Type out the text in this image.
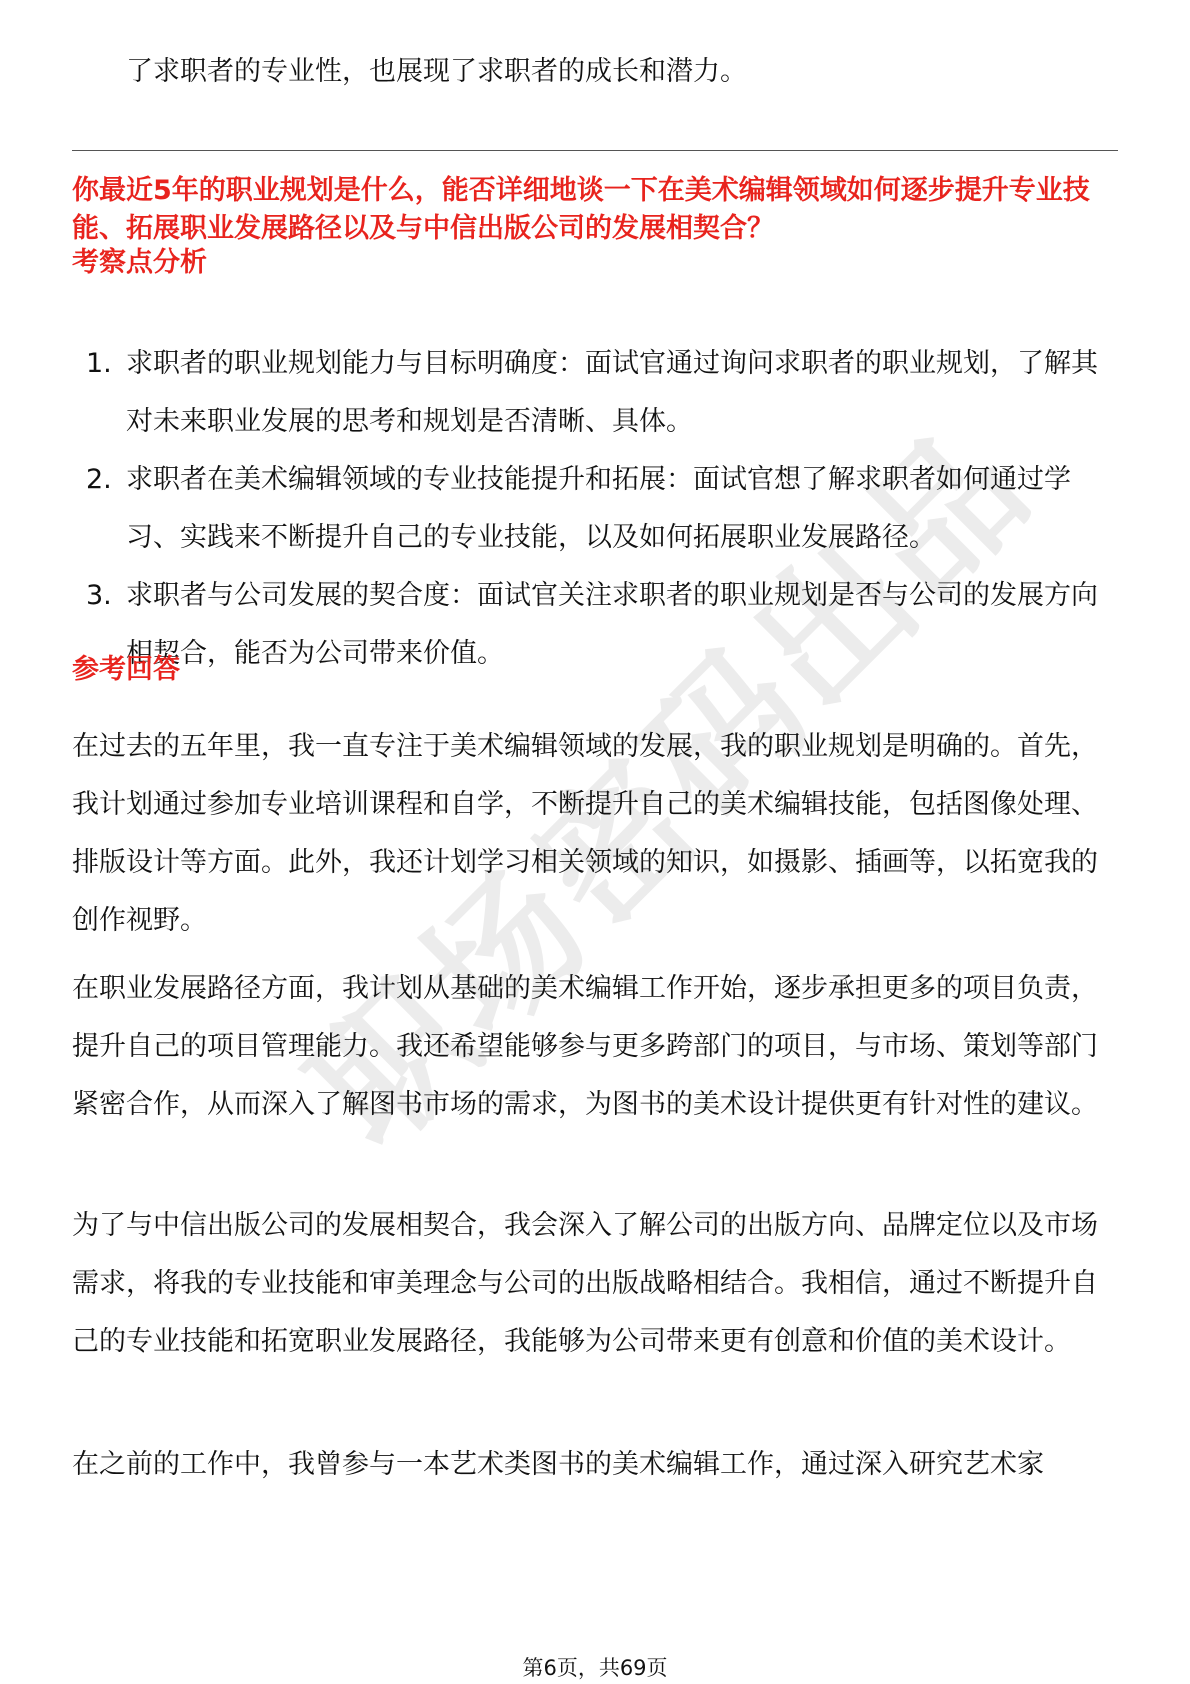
职
场
密
码
出
品

了求职者的专业性，也展现了求职者的成长和潜力。

你最近5年的职业规划是什么，能否详细地谈一下在美术编辑领域如何逐步提升专业技能、拓展职业发展路径以及与中信出版公司的发展相契合？

考察点分析

1. 求职者的职业规划能力与目标明确度：面试官通过询问求职者的职业规划，了解其对未来职业发展的思考和规划是否清晰、具体。
2. 求职者在美术编辑领域的专业技能提升和拓展：面试官想了解求职者如何通过学习、实践来不断提升自己的专业技能，以及如何拓展职业发展路径。
3. 求职者与公司发展的契合度：面试官关注求职者的职业规划是否与公司的发展方向相契合，能否为公司带来价值。

参考回答

在过去的五年里，我一直专注于美术编辑领域的发展，我的职业规划是明确的。首先，我计划通过参加专业培训课程和自学，不断提升自己的美术编辑技能，包括图像处理、排版设计等方面。此外，我还计划学习相关领域的知识，如摄影、插画等，以拓宽我的创作视野。

在职业发展路径方面，我计划从基础的美术编辑工作开始，逐步承担更多的项目负责，提升自己的项目管理能力。我还希望能够参与更多跨部门的项目，与市场、策划等部门紧密合作，从而深入了解图书市场的需求，为图书的美术设计提供更有针对性的建议。

为了与中信出版公司的发展相契合，我会深入了解公司的出版方向、品牌定位以及市场需求，将我的专业技能和审美理念与公司的出版战略相结合。我相信，通过不断提升自己的专业技能和拓宽职业发展路径，我能够为公司带来更有创意和价值的美术设计。

在之前的工作中，我曾参与一本艺术类图书的美术编辑工作，通过深入研究艺术家

第6页，共69页
